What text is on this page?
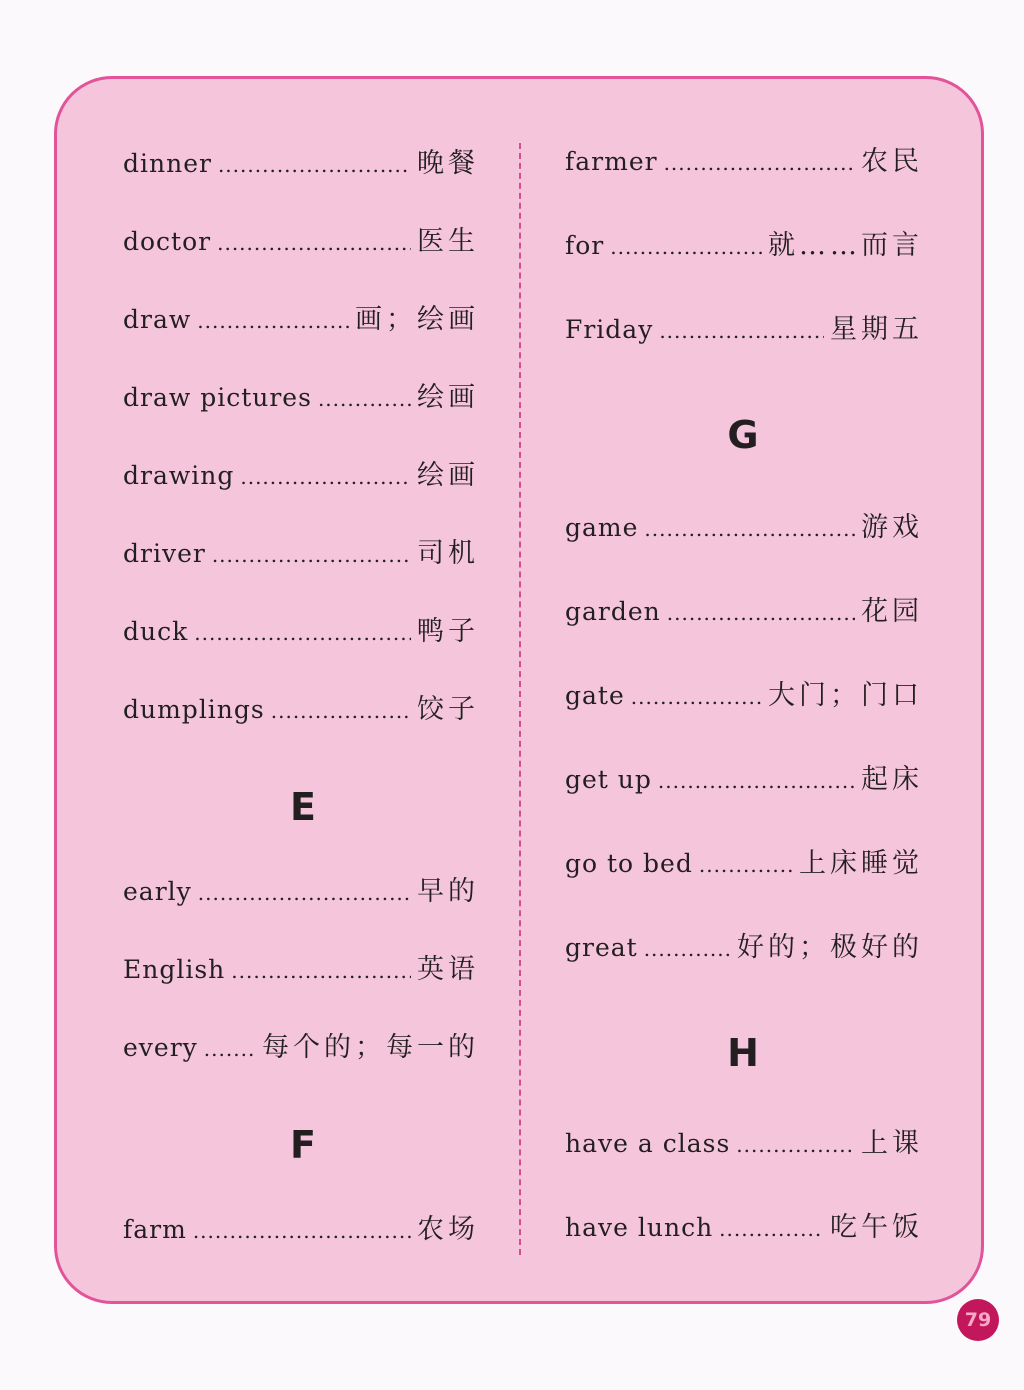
dinner .....	晚餐
doctor .....	医生
draw .....	画；绘画
draw pictures .....	绘画
drawing .....	绘画
driver .....	司机
duck .....	鸭子
dumplings .....	饺子
E
early .....	早的
English .....	英语
every ..... 每个的；每一的
F
farm .....	农场
farmer .....	农民
for .....	就……而言
Friday .....	星期五
G
game .....	游戏
garden .....	花园
gate .....	大门；门口
get up .....	起床
go to bed .....	上床睡觉
great .....	好的；极好的
H
have a class .....	上课
have lunch .....	吃午饭
79
